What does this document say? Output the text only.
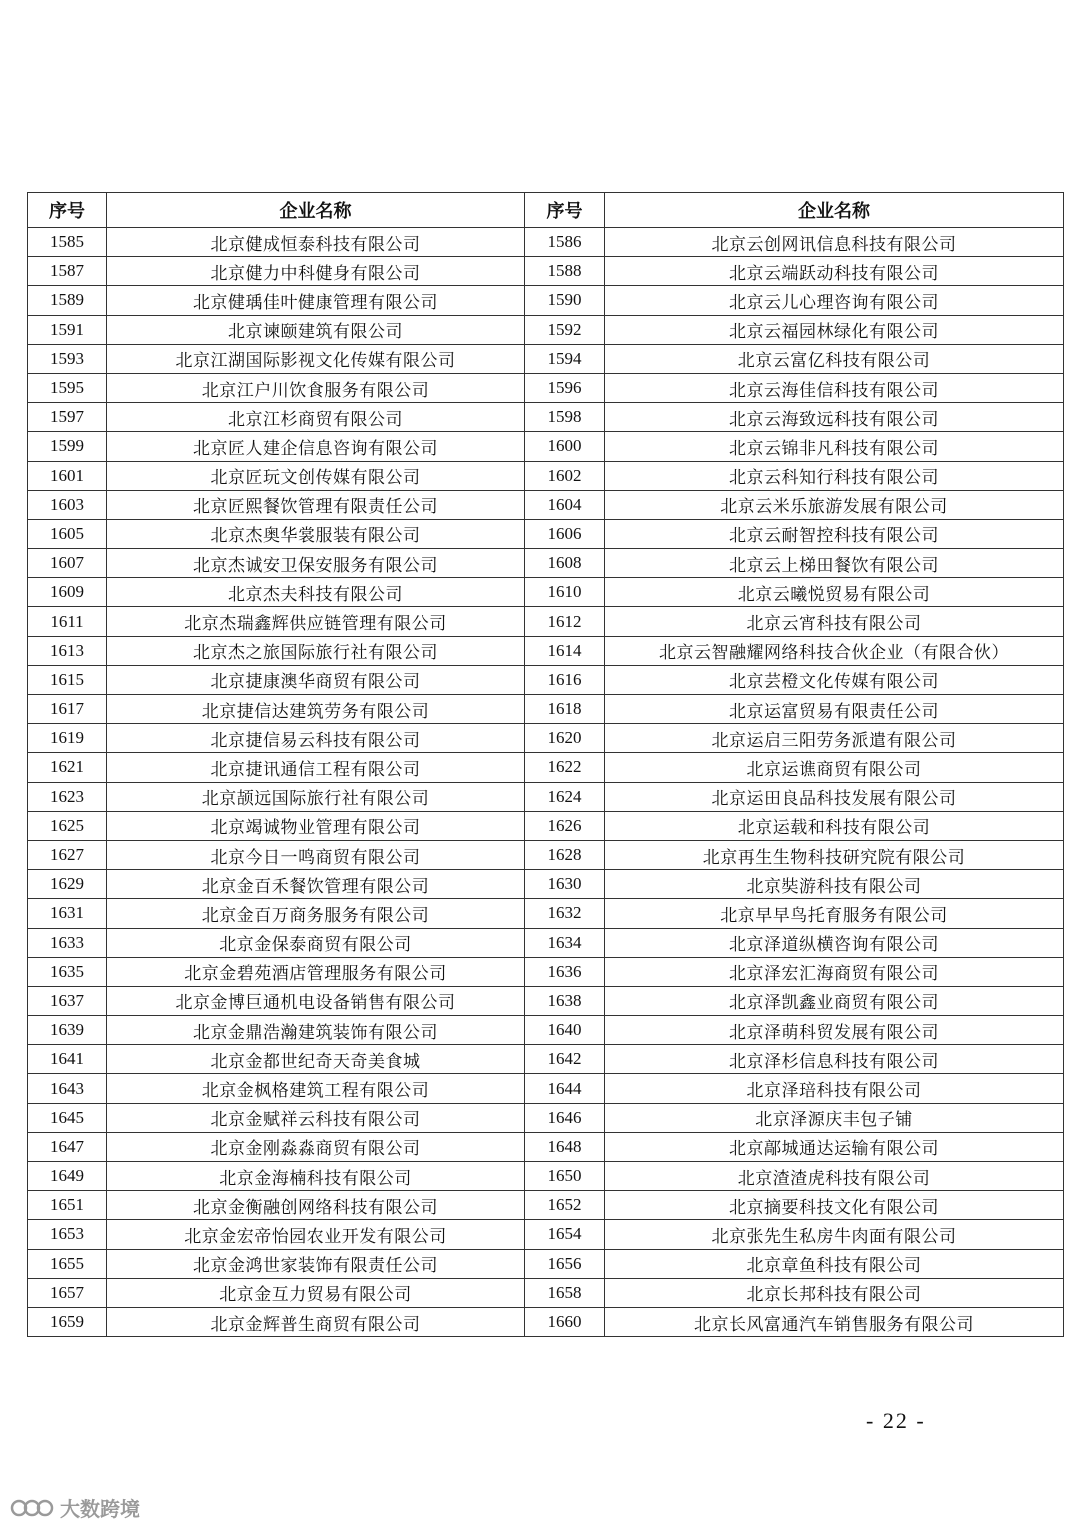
序号	企业名称	序号	企业名称
1585	北京健成恒泰科技有限公司	1586	北京云创网讯信息科技有限公司
1587	北京健力中科健身有限公司	1588	北京云端跃动科技有限公司
1589	北京健瑀佳叶健康管理有限公司	1590	北京云儿心理咨询有限公司
1591	北京谏颐建筑有限公司	1592	北京云福园林绿化有限公司
1593	北京江湖国际影视文化传媒有限公司	1594	北京云富亿科技有限公司
1595	北京江户川饮食服务有限公司	1596	北京云海佳信科技有限公司
1597	北京江杉商贸有限公司	1598	北京云海致远科技有限公司
1599	北京匠人建企信息咨询有限公司	1600	北京云锦非凡科技有限公司
1601	北京匠玩文创传媒有限公司	1602	北京云科知行科技有限公司
1603	北京匠熙餐饮管理有限责任公司	1604	北京云米乐旅游发展有限公司
1605	北京杰奥华裳服装有限公司	1606	北京云耐智控科技有限公司
1607	北京杰诚安卫保安服务有限公司	1608	北京云上梯田餐饮有限公司
1609	北京杰夫科技有限公司	1610	北京云曦悦贸易有限公司
1611	北京杰瑞鑫辉供应链管理有限公司	1612	北京云宵科技有限公司
1613	北京杰之旅国际旅行社有限公司	1614	北京云智融耀网络科技合伙企业（有限合伙）
1615	北京捷康澳华商贸有限公司	1616	北京芸橙文化传媒有限公司
1617	北京捷信达建筑劳务有限公司	1618	北京运富贸易有限责任公司
1619	北京捷信易云科技有限公司	1620	北京运启三阳劳务派遣有限公司
1621	北京捷讯通信工程有限公司	1622	北京运谯商贸有限公司
1623	北京颉远国际旅行社有限公司	1624	北京运田良品科技发展有限公司
1625	北京竭诚物业管理有限公司	1626	北京运载和科技有限公司
1627	北京今日一鸣商贸有限公司	1628	北京再生生物科技研究院有限公司
1629	北京金百禾餐饮管理有限公司	1630	北京奘游科技有限公司
1631	北京金百万商务服务有限公司	1632	北京早早鸟托育服务有限公司
1633	北京金保泰商贸有限公司	1634	北京泽道纵横咨询有限公司
1635	北京金碧苑酒店管理服务有限公司	1636	北京泽宏汇海商贸有限公司
1637	北京金博巨通机电设备销售有限公司	1638	北京泽凯鑫业商贸有限公司
1639	北京金鼎浩瀚建筑装饰有限公司	1640	北京泽萌科贸发展有限公司
1641	北京金都世纪奇天奇美食城	1642	北京泽杉信息科技有限公司
1643	北京金枫格建筑工程有限公司	1644	北京泽琣科技有限公司
1645	北京金赋祥云科技有限公司	1646	北京泽源庆丰包子铺
1647	北京金刚淼淼商贸有限公司	1648	北京鄗城通达运输有限公司
1649	北京金海楠科技有限公司	1650	北京渣渣虎科技有限公司
1651	北京金衡融创网络科技有限公司	1652	北京摘要科技文化有限公司
1653	北京金宏帝怡园农业开发有限公司	1654	北京张先生私房牛肉面有限公司
1655	北京金鸿世家装饰有限责任公司	1656	北京章鱼科技有限公司
1657	北京金互力贸易有限公司	1658	北京长邦科技有限公司
1659	北京金辉普生商贸有限公司	1660	北京长风富通汽车销售服务有限公司
- 22 -
大数跨境
